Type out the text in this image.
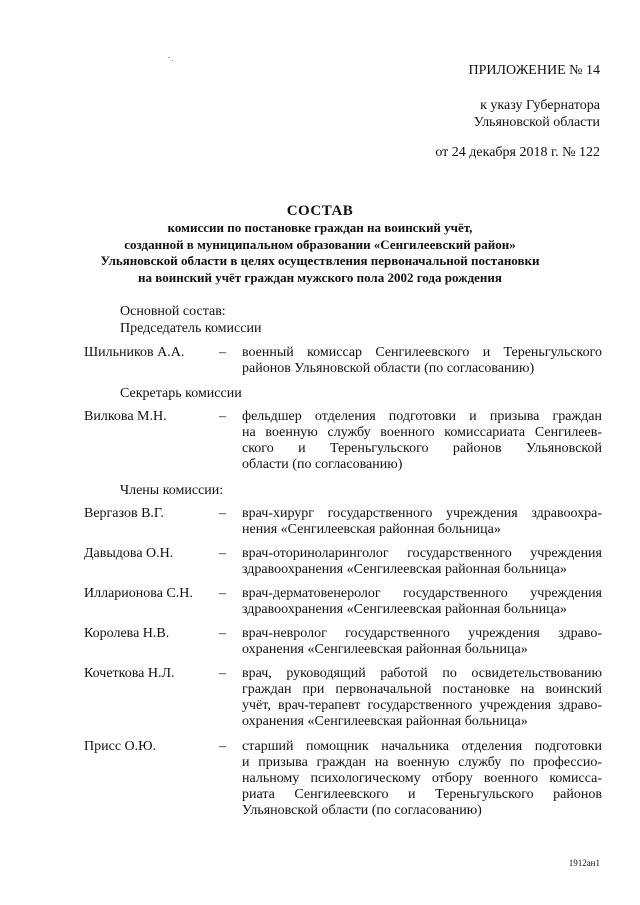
ПРИЛОЖЕНИЕ № 14
к указу Губернатора
Ульяновской области
от 24 декабря 2018 г. № 122
СОСТАВ
комиссии по постановке граждан на воинский учёт,
созданной в муниципальном образовании «Сенгилеевский район»
Ульяновской области в целях осуществления первоначальной постановки
на воинский учёт граждан мужского пола 2002 года рождения
Основной состав:
Председатель комиссии
Шильников А.А. – военный комиссар Сенгилеевского и Тереньгульского
районов Ульяновской области (по согласованию)
Секретарь комиссии
Вилкова М.Н.	– фельдшер отделения подготовки и призыва граждан
на военную службу военного комиссариата Сенгилеев-
ского и Тереньгульского районов Ульяновской
области (по согласованию)
Члены комиссии:
Вергазов В.Г.	– врач-хирург государственного учреждения здравоохра-
нения «Сенгилеевская районная больница»
Давыдова О.Н.	– врач-оториноларинголог государственного учреждения
здравоохранения «Сенгилеевская районная больница»
Илларионова С.Н. – врач-дерматовенеролог государственного учреждения
здравоохранения «Сенгилеевская районная больница»
Королева Н.В.	– врач-невролог государственного учреждения здраво-
охранения «Сенгилеевская районная больница»
Кочеткова Н.Л.	– врач, руководящий работой по освидетельствованию
граждан при первоначальной постановке на воинский
учёт, врач-терапевт государственного учреждения здраво-
охранения «Сенгилеевская районная больница»
Присс О.Ю.	– старший помощник начальника отделения подготовки
и призыва граждан на военную службу по профессио-
нальному психологическому отбору военного комисса-
риата Сенгилеевского и Тереньгульского районов
Ульяновской области (по согласованию)
1912ан1
